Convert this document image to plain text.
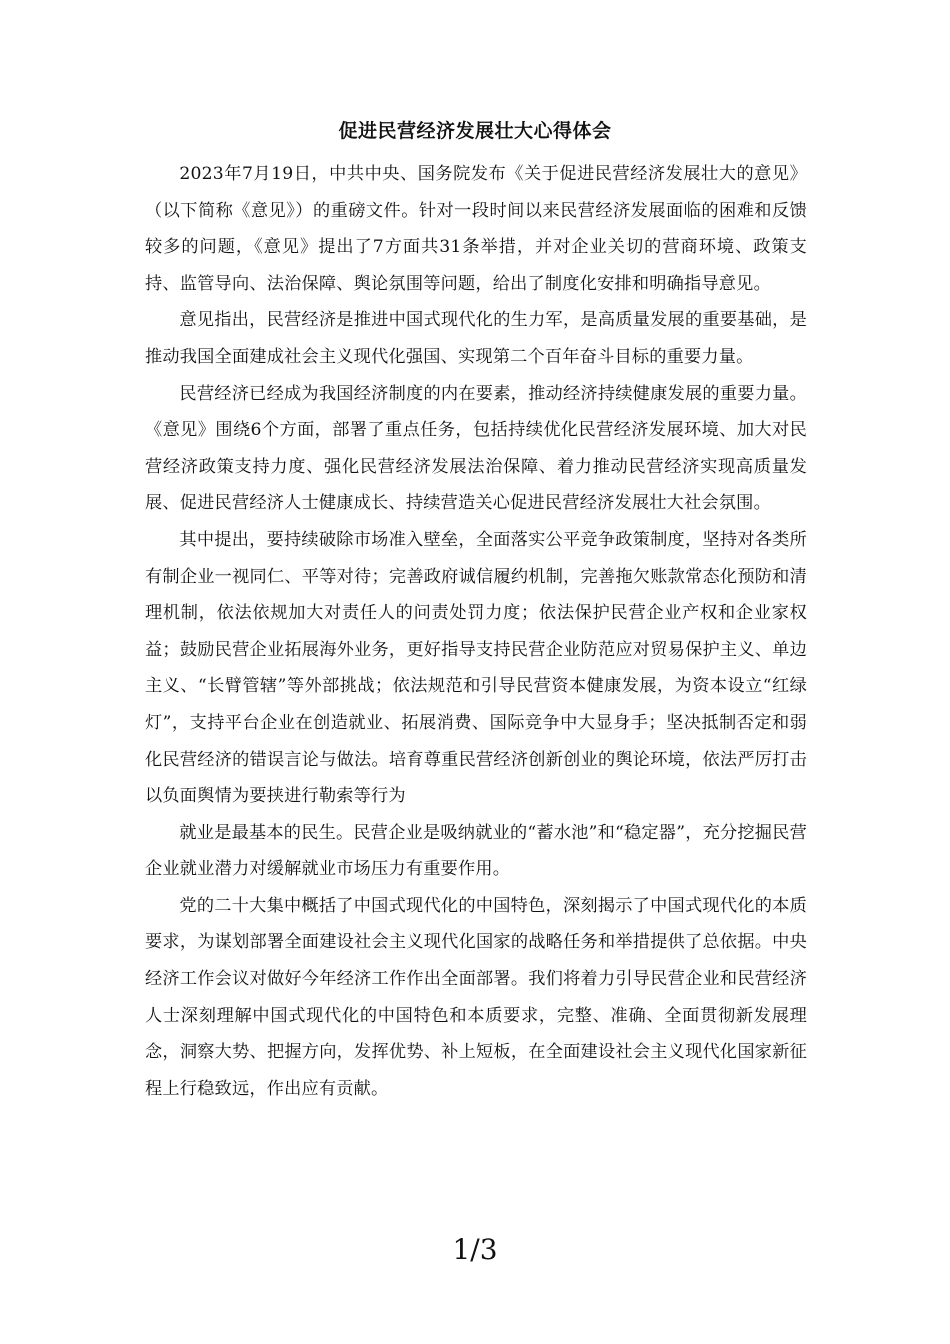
促进民营经济发展壮大心得体会

2023年7月19日，中共中央、国务院发布《关于促进民营经济发展壮大的意见》（以下简称《意见》）的重磅文件。针对一段时间以来民营经济发展面临的困难和反馈较多的问题，《意见》提出了7方面共31条举措，并对企业关切的营商环境、政策支持、监管导向、法治保障、舆论氛围等问题，给出了制度化安排和明确指导意见。

意见指出，民营经济是推进中国式现代化的生力军，是高质量发展的重要基础，是推动我国全面建成社会主义现代化强国、实现第二个百年奋斗目标的重要力量。

民营经济已经成为我国经济制度的内在要素，推动经济持续健康发展的重要力量。《意见》围绕6个方面，部署了重点任务，包括持续优化民营经济发展环境、加大对民营经济政策支持力度、强化民营经济发展法治保障、着力推动民营经济实现高质量发展、促进民营经济人士健康成长、持续营造关心促进民营经济发展壮大社会氛围。

其中提出，要持续破除市场准入壁垒，全面落实公平竞争政策制度，坚持对各类所有制企业一视同仁、平等对待；完善政府诚信履约机制，完善拖欠账款常态化预防和清理机制，依法依规加大对责任人的问责处罚力度；依法保护民营企业产权和企业家权益；鼓励民营企业拓展海外业务，更好指导支持民营企业防范应对贸易保护主义、单边主义、“长臂管辖”等外部挑战；依法规范和引导民营资本健康发展，为资本设立“红绿灯”，支持平台企业在创造就业、拓展消费、国际竞争中大显身手；坚决抵制否定和弱化民营经济的错误言论与做法。培育尊重民营经济创新创业的舆论环境，依法严厉打击以负面舆情为要挟进行勒索等行为

就业是最基本的民生。民营企业是吸纳就业的“蓄水池”和“稳定器”，充分挖掘民营企业就业潜力对缓解就业市场压力有重要作用。

党的二十大集中概括了中国式现代化的中国特色，深刻揭示了中国式现代化的本质要求，为谋划部署全面建设社会主义现代化国家的战略任务和举措提供了总依据。中央经济工作会议对做好今年经济工作作出全面部署。我们将着力引导民营企业和民营经济人士深刻理解中国式现代化的中国特色和本质要求，完整、准确、全面贯彻新发展理念，洞察大势、把握方向，发挥优势、补上短板，在全面建设社会主义现代化国家新征程上行稳致远，作出应有贡献。

1/3
